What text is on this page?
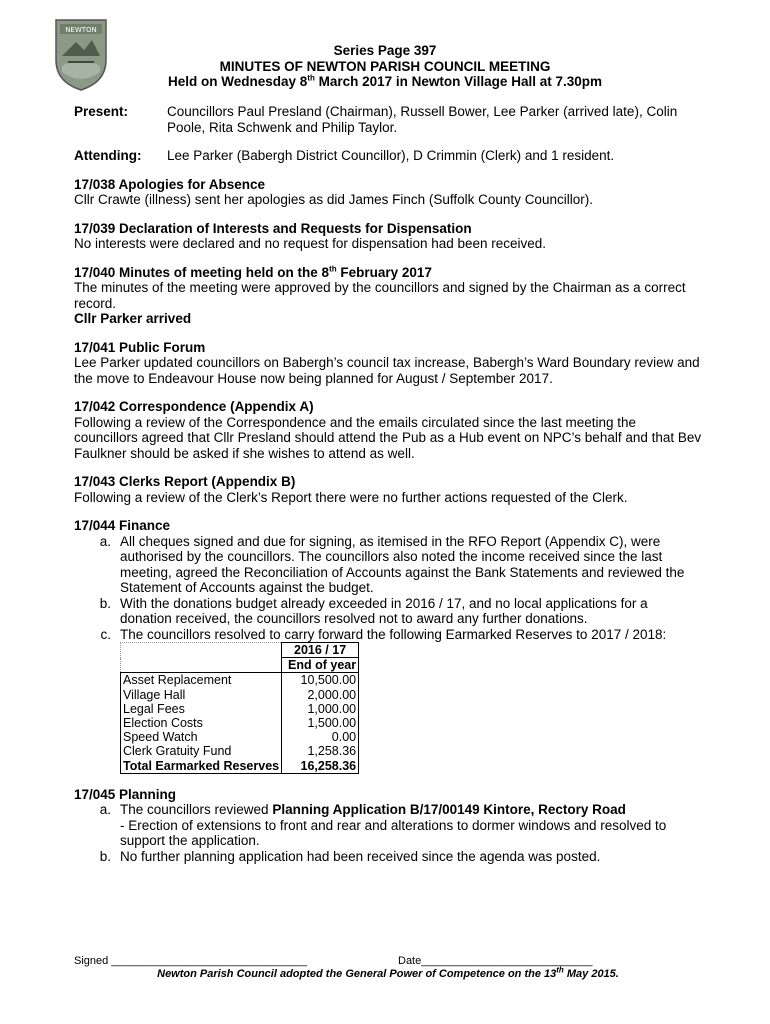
NEWTON
Series Page 397
MINUTES OF NEWTON PARISH COUNCIL MEETING
Held on Wednesday 8th March 2017 in Newton Village Hall at 7.30pm
Present:	Councillors Paul Presland (Chairman), Russell Bower, Lee Parker (arrived late), Colin Poole, Rita Schwenk and Philip Taylor.
Attending:	Lee Parker (Babergh District Councillor), D Crimmin (Clerk) and 1 resident.
17/038 Apologies for Absence
Cllr Crawte (illness) sent her apologies as did James Finch (Suffolk County Councillor).
17/039 Declaration of Interests and Requests for Dispensation
No interests were declared and no request for dispensation had been received.
17/040 Minutes of meeting held on the 8th February 2017
The minutes of the meeting were approved by the councillors and signed by the Chairman as a correct record.
Cllr Parker arrived
17/041 Public Forum
Lee Parker updated councillors on Babergh’s council tax increase, Babergh’s Ward Boundary review and the move to Endeavour House now being planned for August / September 2017.
17/042 Correspondence (Appendix A)
Following a review of the Correspondence and the emails circulated since the last meeting the councillors agreed that Cllr Presland should attend the Pub as a Hub event on NPC’s behalf and that Bev Faulkner should be asked if she wishes to attend as well.
17/043 Clerks Report (Appendix B)
Following a review of the Clerk’s Report there were no further actions requested of the Clerk.
17/044 Finance
a. All cheques signed and due for signing, as itemised in the RFO Report (Appendix C), were authorised by the councillors. The councillors also noted the income received since the last meeting, agreed the Reconciliation of Accounts against the Bank Statements and reviewed the Statement of Accounts against the budget.
b. With the donations budget already exceeded in 2016 / 17, and no local applications for a donation received, the councillors resolved not to award any further donations.
c. The councillors resolved to carry forward the following Earmarked Reserves to 2017 / 2018:
	2016 / 17
	End of year
Asset Replacement	10,500.00
Village Hall	2,000.00
Legal Fees	1,000.00
Election Costs	1,500.00
Speed Watch	0.00
Clerk Gratuity Fund	1,258.36
Total Earmarked Reserves	16,258.36
17/045 Planning
a. The councillors reviewed Planning Application B/17/00149 Kintore, Rectory Road
- Erection of extensions to front and rear and alterations to dormer windows and resolved to support the application.
b. No further planning application had been received since the agenda was posted.
Signed ________________________________	Date____________________________
Newton Parish Council adopted the General Power of Competence on the 13th May 2015.
